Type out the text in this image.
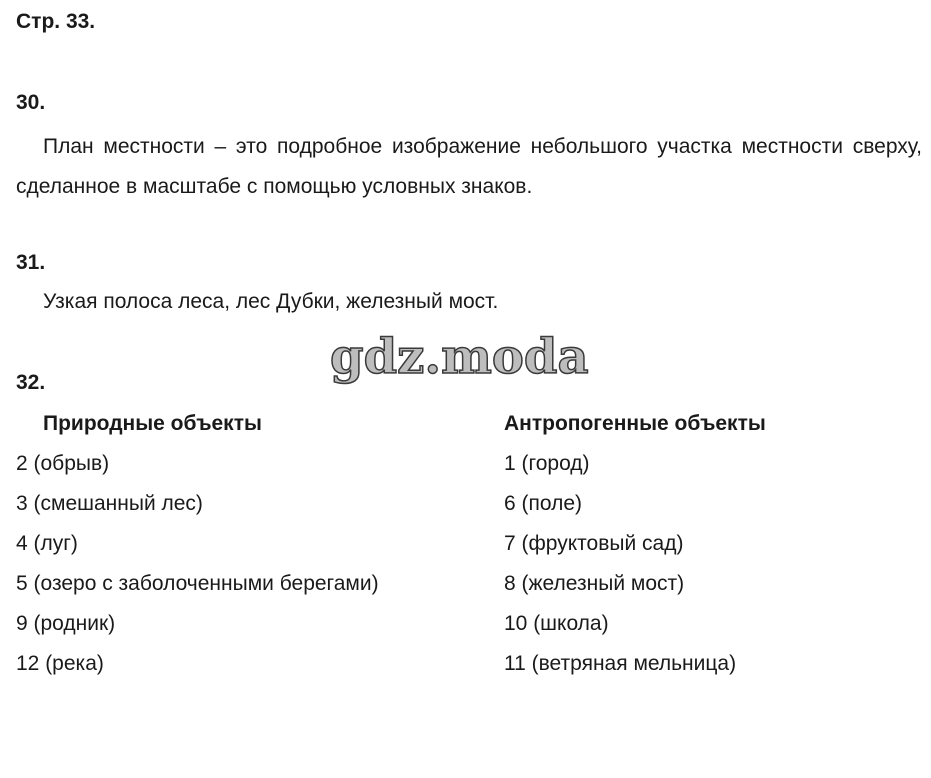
Стр. 33.
30.
План местности – это подробное изображение небольшого участка местности сверху, сделанное в масштабе с помощью условных знаков.
31.
Узкая полоса леса, лес Дубки, железный мост.
gdz.moda
32.
Природные объекты
2 (обрыв)
3 (смешанный лес)
4 (луг)
5 (озеро с заболоченными берегами)
9 (родник)
12 (река)
Антропогенные объекты
1 (город)
6 (поле)
7 (фруктовый сад)
8 (железный мост)
10 (школа)
11 (ветряная мельница)
